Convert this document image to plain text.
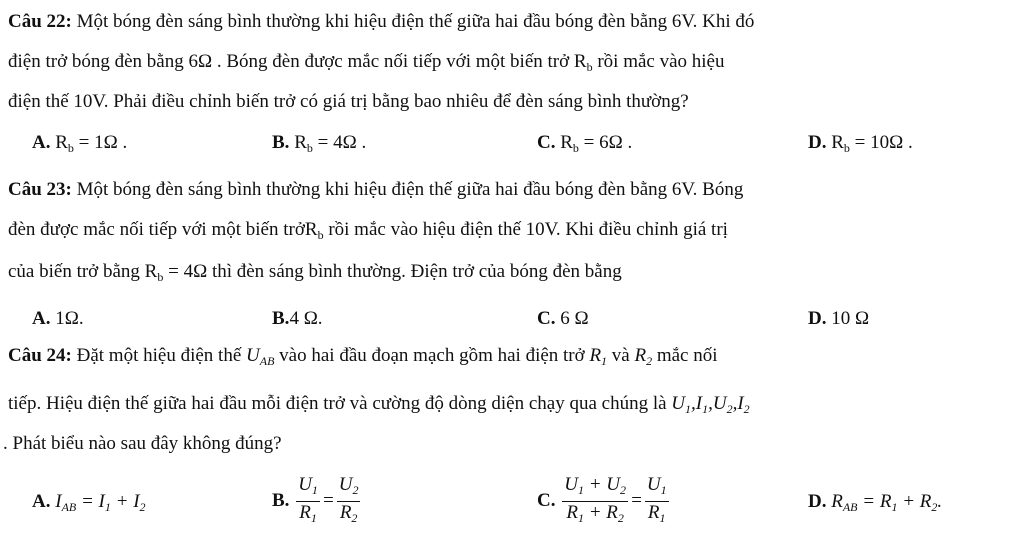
Câu 22: Một bóng đèn sáng bình thường khi hiệu điện thế giữa hai đầu bóng đèn bằng 6V. Khi đó
điện trở bóng đèn bằng 6Ω . Bóng đèn được mắc nối tiếp với một biến trở $R_b$ rồi mắc vào hiệu
điện thế 10V. Phải điều chỉnh biến trở có giá trị bằng bao nhiêu để đèn sáng bình thường?
A. $R_b = 1\Omega$ .	B. $R_b = 4\Omega$ .	C. $R_b = 6\Omega$ .	D. $R_b = 10\Omega$ .
Câu 23: Một bóng đèn sáng bình thường khi hiệu điện thế giữa hai đầu bóng đèn bằng 6V. Bóng
đèn được mắc nối tiếp với một biến trởR$_b$ rồi mắc vào hiệu điện thế 10V. Khi điều chỉnh giá trị
của biến trở bằng $R_b = 4\Omega$ thì đèn sáng bình thường. Điện trở của bóng đèn bằng
A. 1Ω.	B.4 Ω.	C. 6 Ω	D. 10 Ω
Câu 24: Đặt một hiệu điện thế $U_{AB}$ vào hai đầu đoạn mạch gồm hai điện trở $R_1$ và $R_2$ mắc nối
tiếp. Hiệu điện thế giữa hai đầu mỗi điện trở và cường độ dòng diện chạy qua chúng là $U_1,I_1,U_2,I_2$
. Phát biểu nào sau đây không đúng?
A. $I_{AB} = I_1 + I_2$	B. $\frac{U_1}{R_1} = \frac{U_2}{R_2}$	C. $\frac{U_1 + U_2}{R_1 + R_2} = \frac{U_1}{R_1}$	D. $R_{AB} = R_1 + R_2$.
